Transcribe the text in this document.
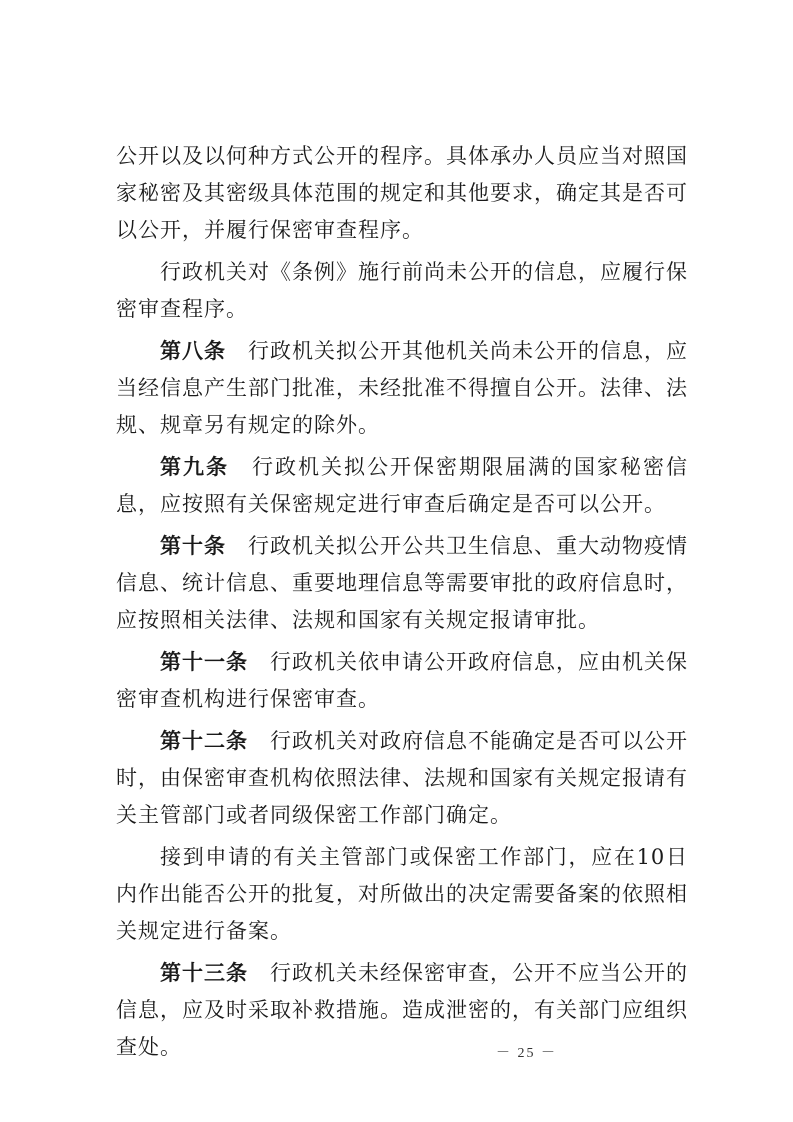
公开以及以何种方式公开的程序。具体承办人员应当对照国家秘密及其密级具体范围的规定和其他要求，确定其是否可以公开，并履行保密审查程序。

行政机关对《条例》施行前尚未公开的信息，应履行保密审查程序。

第八条 行政机关拟公开其他机关尚未公开的信息，应当经信息产生部门批准，未经批准不得擅自公开。法律、法规、规章另有规定的除外。

第九条 行政机关拟公开保密期限届满的国家秘密信息，应按照有关保密规定进行审查后确定是否可以公开。

第十条 行政机关拟公开公共卫生信息、重大动物疫情信息、统计信息、重要地理信息等需要审批的政府信息时，应按照相关法律、法规和国家有关规定报请审批。

第十一条 行政机关依申请公开政府信息，应由机关保密审查机构进行保密审查。

第十二条 行政机关对政府信息不能确定是否可以公开时，由保密审查机构依照法律、法规和国家有关规定报请有关主管部门或者同级保密工作部门确定。

接到申请的有关主管部门或保密工作部门，应在10日内作出能否公开的批复，对所做出的决定需要备案的依照相关规定进行备案。

第十三条 行政机关未经保密审查，公开不应当公开的信息，应及时采取补救措施。造成泄密的，有关部门应组织查处。	－ 25 －
